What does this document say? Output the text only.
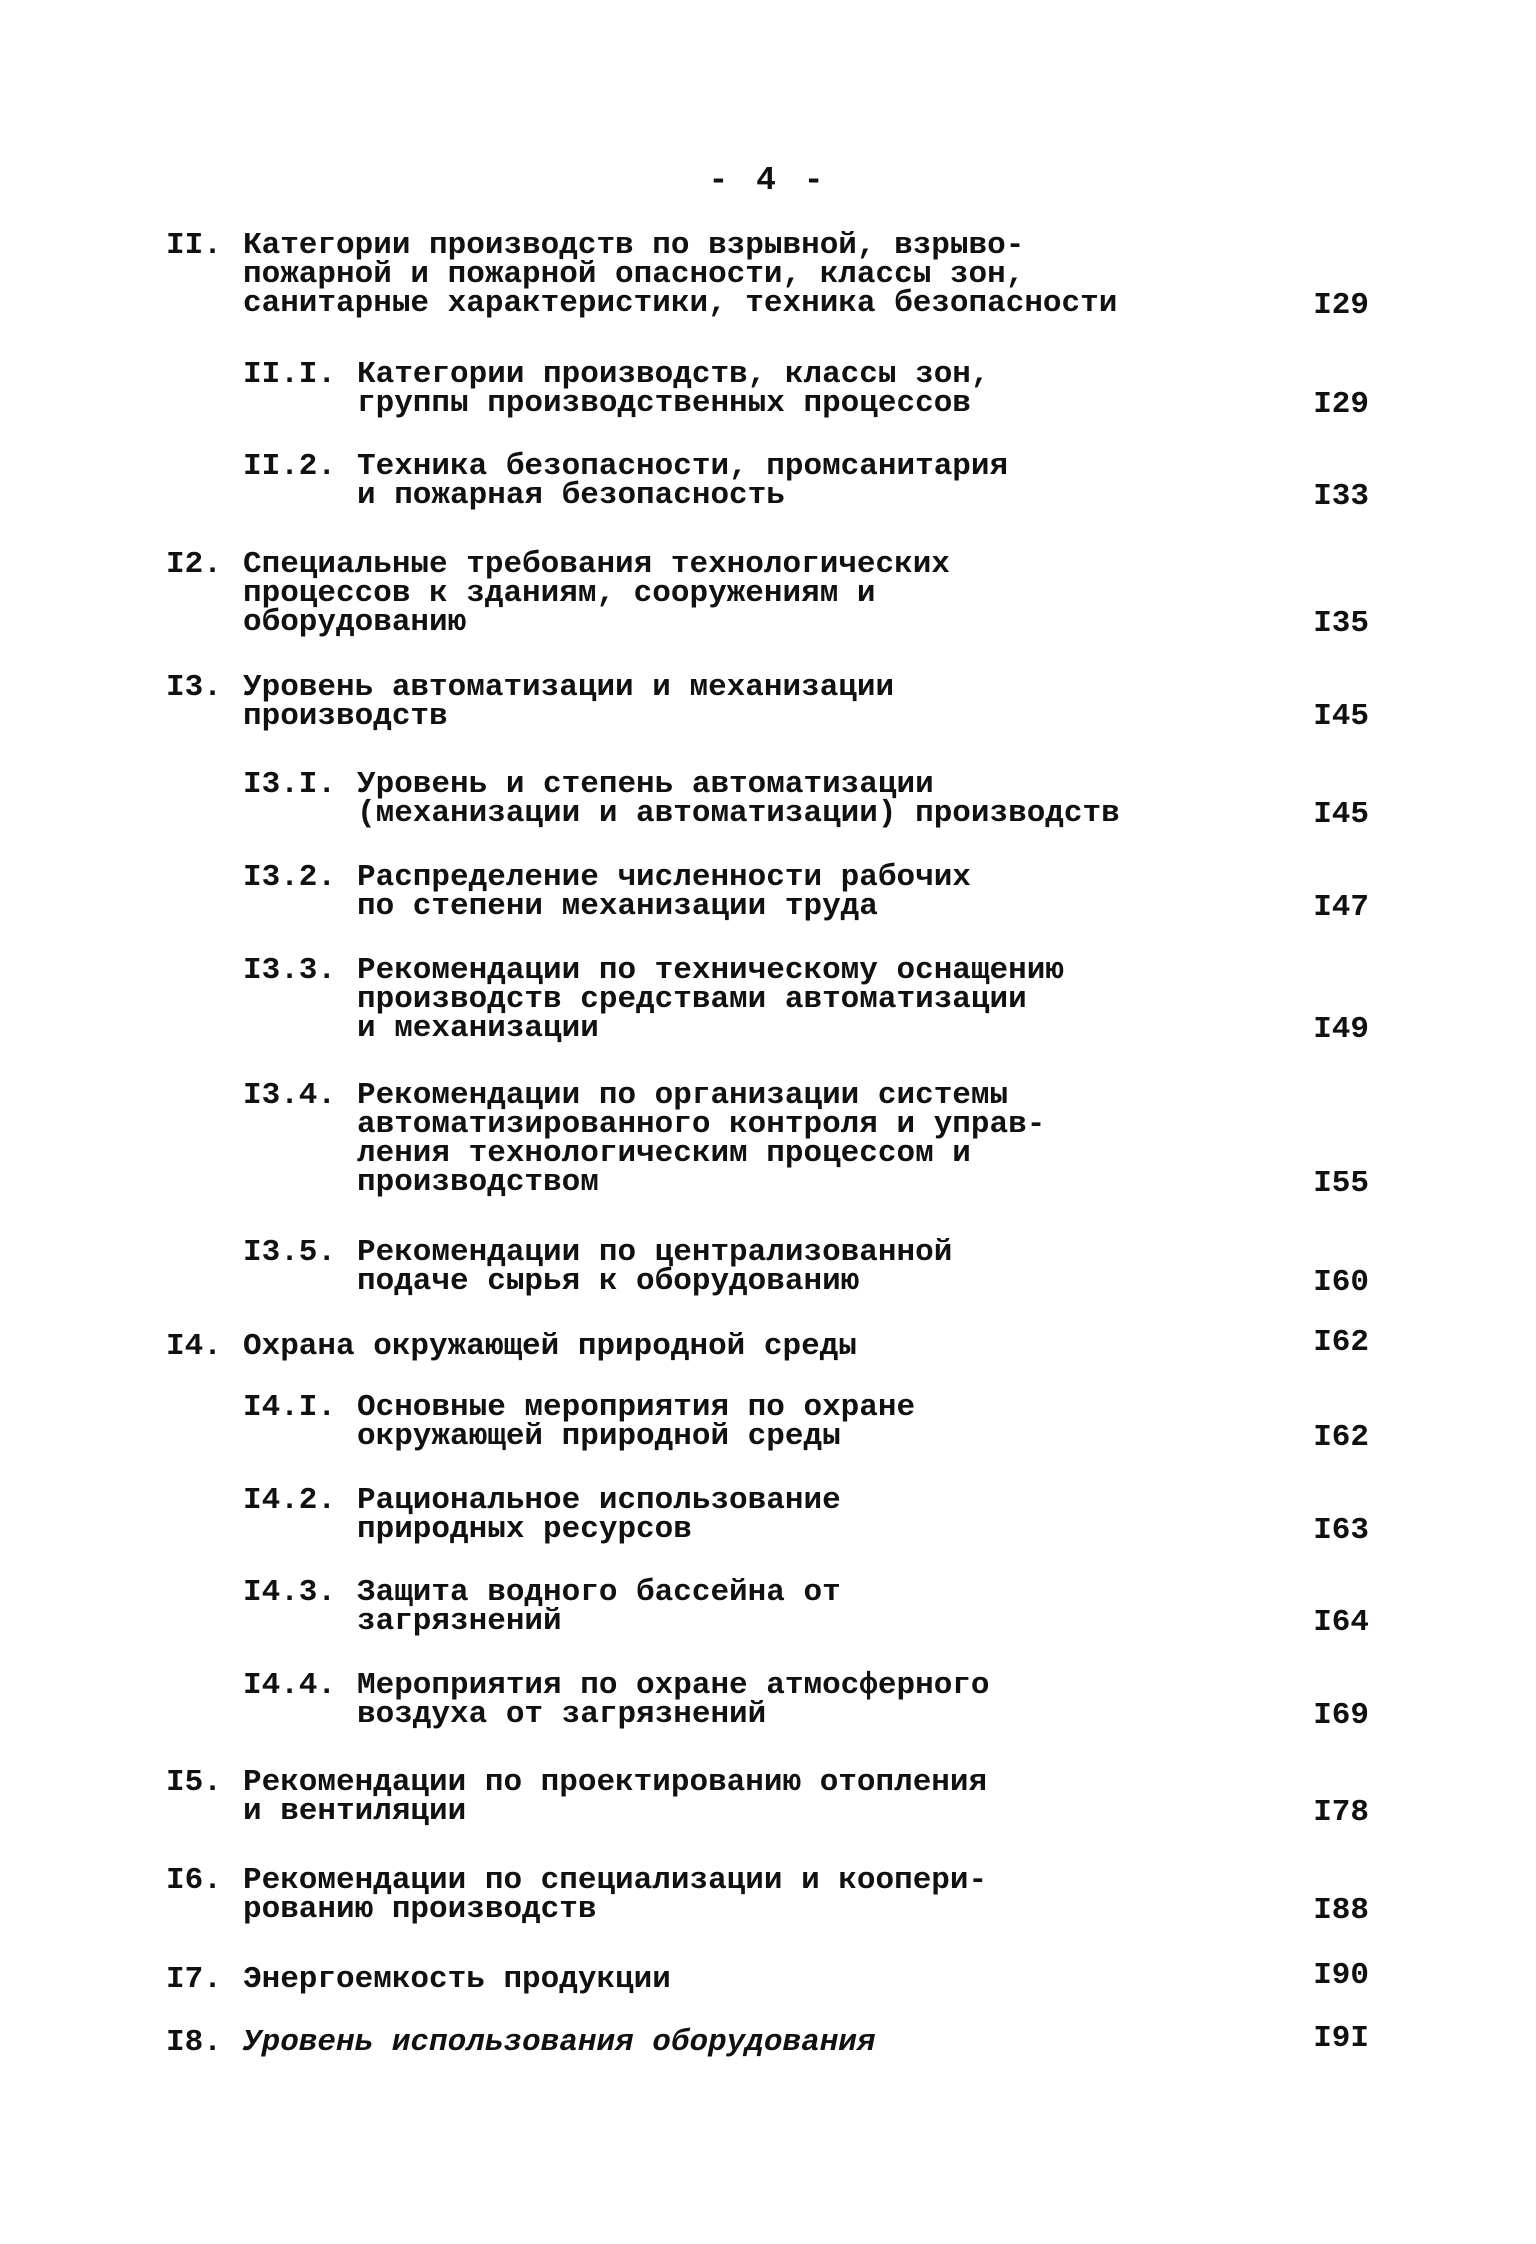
- 4 -
II. Категории производств по взрывной, взрыво-
пожарной и пожарной опасности, классы зон,
санитарные характеристики, техника безопасности	I29
II.I. Категории производств, классы зон,
группы производственных процессов	I29
II.2. Техника безопасности, промсанитария
и пожарная безопасность	I33
I2. Специальные требования технологических
процессов к зданиям, сооружениям и
оборудованию	I35
I3. Уровень автоматизации и механизации
производств	I45
I3.I. Уровень и степень автоматизации
(механизации и автоматизации) производств	I45
I3.2. Распределение численности рабочих
по степени механизации труда	I47
I3.3. Рекомендации по техническому оснащению
производств средствами автоматизации
и механизации	I49
I3.4. Рекомендации по организации системы
автоматизированного контроля и управ-
ления технологическим процессом и
производством	I55
I3.5. Рекомендации по централизованной
подаче сырья к оборудованию	I60
I4. Охрана окружающей природной среды	I62
I4.I. Основные мероприятия по охране
окружающей природной среды	I62
I4.2. Рациональное использование
природных ресурсов	I63
I4.3. Защита водного бассейна от
загрязнений	I64
I4.4. Мероприятия по охране атмосферного
воздуха от загрязнений	I69
I5. Рекомендации по проектированию отопления
и вентиляции	I78
I6. Рекомендации по специализации и коопери-
рованию производств	I88
I7. Энергоемкость продукции	I90
I8. Уровень использования оборудования	I9I
